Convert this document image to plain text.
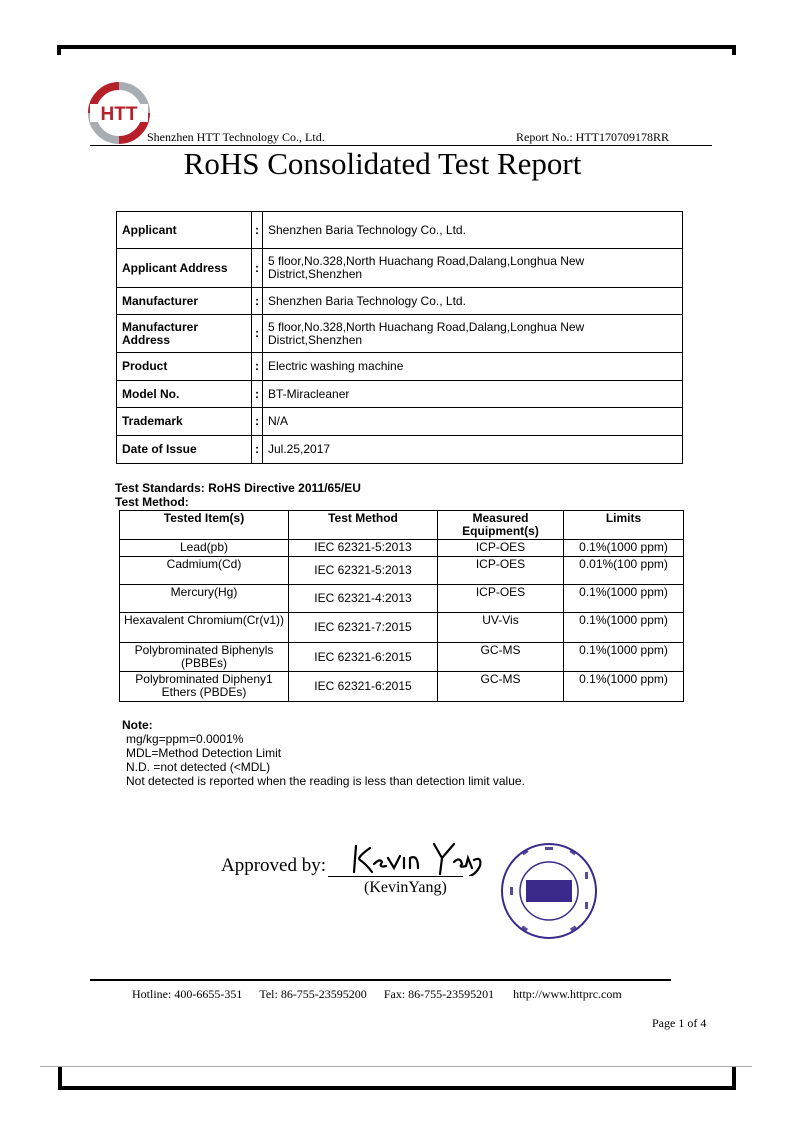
HTT
Shenzhen HTT Technology Co., Ltd.	Report No.: HTT170709178RR
RoHS Consolidated Test Report
Applicant	:	Shenzhen Baria Technology Co., Ltd.
Applicant Address	:	5 floor,No.328,North Huachang Road,Dalang,Longhua New District,Shenzhen
Manufacturer	:	Shenzhen Baria Technology Co., Ltd.
Manufacturer Address	:	5 floor,No.328,North Huachang Road,Dalang,Longhua New District,Shenzhen
Product	:	Electric washing machine
Model No.	:	BT-Miracleaner
Trademark	:	N/A
Date of Issue	:	Jul.25,2017
Test Standards: RoHS Directive 2011/65/EU
Test Method:
Tested Item(s)	Test Method	Measured Equipment(s)	Limits
Lead(pb)	IEC 62321-5:2013	ICP-OES	0.1%(1000 ppm)
Cadmium(Cd)	IEC 62321-5:2013	ICP-OES	0.01%(100 ppm)
Mercury(Hg)	IEC 62321-4:2013	ICP-OES	0.1%(1000 ppm)
Hexavalent Chromium(Cr(v1))	IEC 62321-7:2015	UV-Vis	0.1%(1000 ppm)
Polybrominated Biphenyls (PBBEs)	IEC 62321-6:2015	GC-MS	0.1%(1000 ppm)
Polybrominated Dipheny1 Ethers (PBDEs)	IEC 62321-6:2015	GC-MS	0.1%(1000 ppm)
Note:
mg/kg=ppm=0.0001%
MDL=Method Detection Limit
N.D. =not detected (<MDL)
Not detected is reported when the reading is less than detection limit value.
Approved by:
(KevinYang)
Hotline: 400-6655-351 Tel: 86-755-23595200 Fax: 86-755-23595201 http://www.httprc.com
Page 1 of 4
